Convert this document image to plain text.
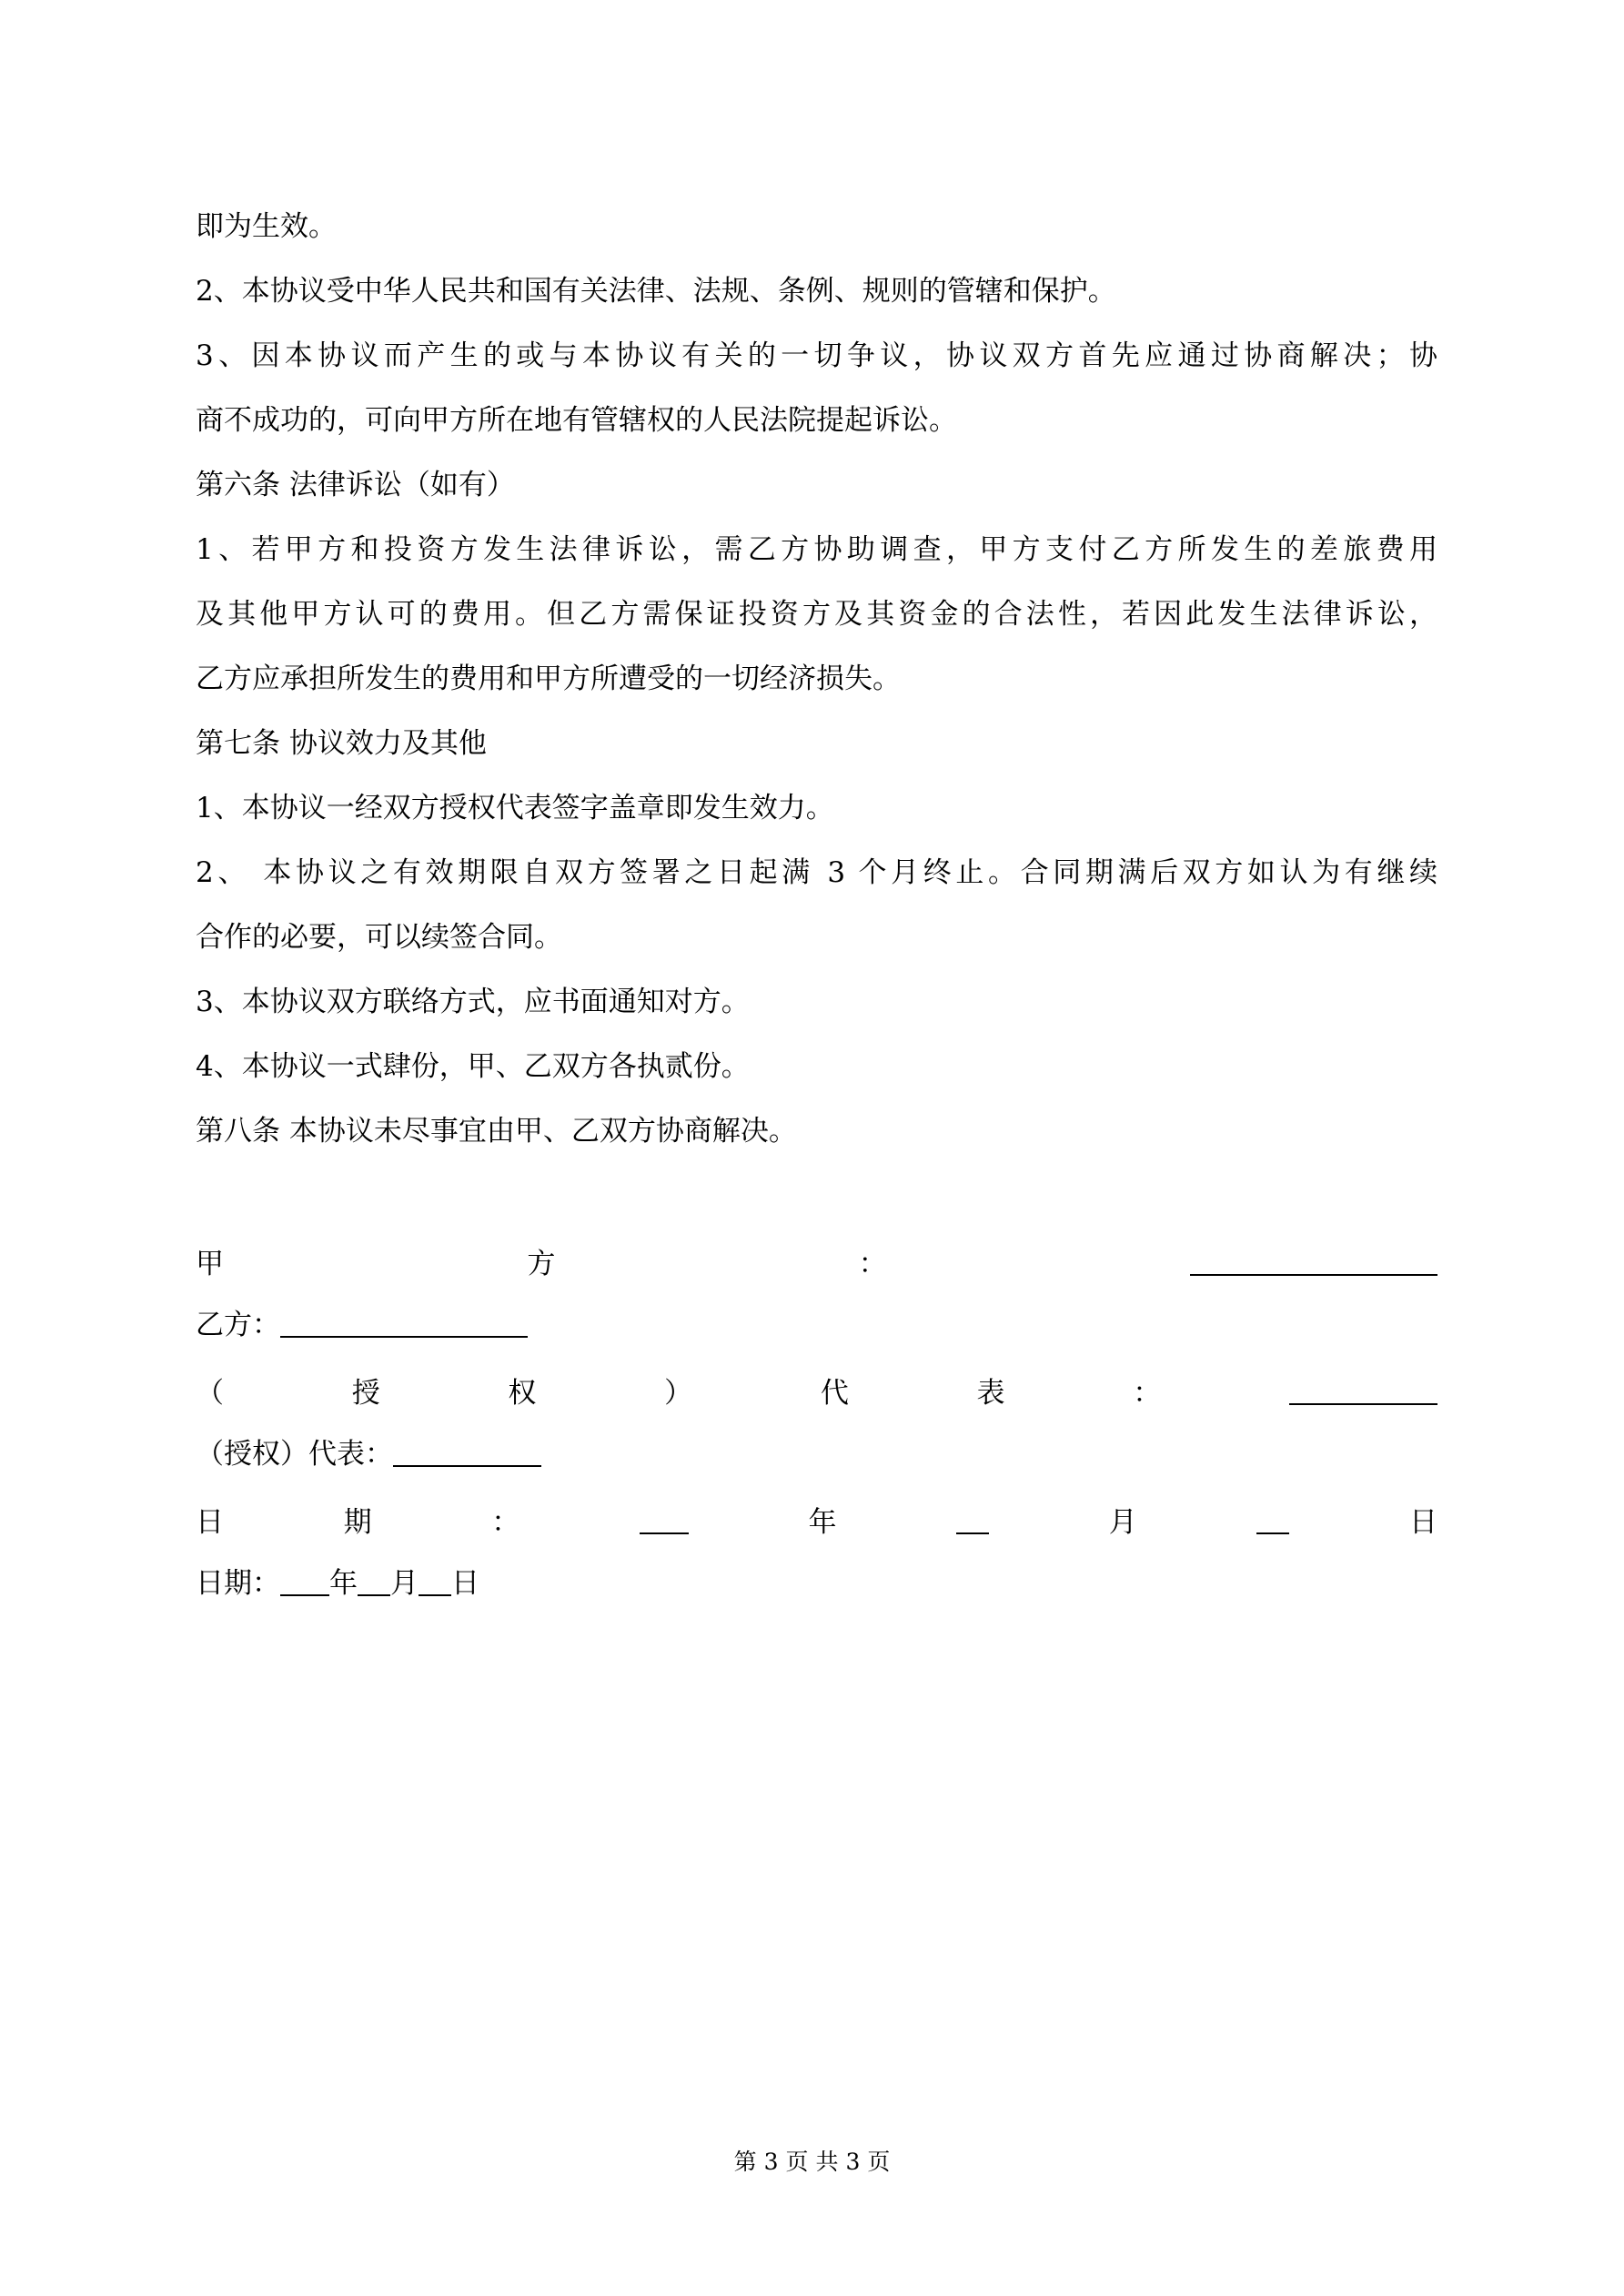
即为生效。
2、本协议受中华人民共和国有关法律、法规、条例、规则的管辖和保护。
3、因本协议而产生的或与本协议有关的一切争议，协议双方首先应通过协商解决；协
商不成功的，可向甲方所在地有管辖权的人民法院提起诉讼。
第六条 法律诉讼（如有）
1、若甲方和投资方发生法律诉讼，需乙方协助调查，甲方支付乙方所发生的差旅费用
及其他甲方认可的费用。但乙方需保证投资方及其资金的合法性，若因此发生法律诉讼，
乙方应承担所发生的费用和甲方所遭受的一切经济损失。
第七条 协议效力及其他
1、本协议一经双方授权代表签字盖章即发生效力。
2、 本协议之有效期限自双方签署之日起满 3 个月终止。合同期满后双方如认为有继续
合作的必要，可以续签合同。
3、本协议双方联络方式，应书面通知对方。
4、本协议一式肆份，甲、乙双方各执贰份。
第八条 本协议未尽事宜由甲、乙双方协商解决。
甲	方	：
乙方：
（	授	权	）	代	表	：
（授权）代表：
日	期	：	年	月	日
日期： 年 月 日
第 3 页 共 3 页
